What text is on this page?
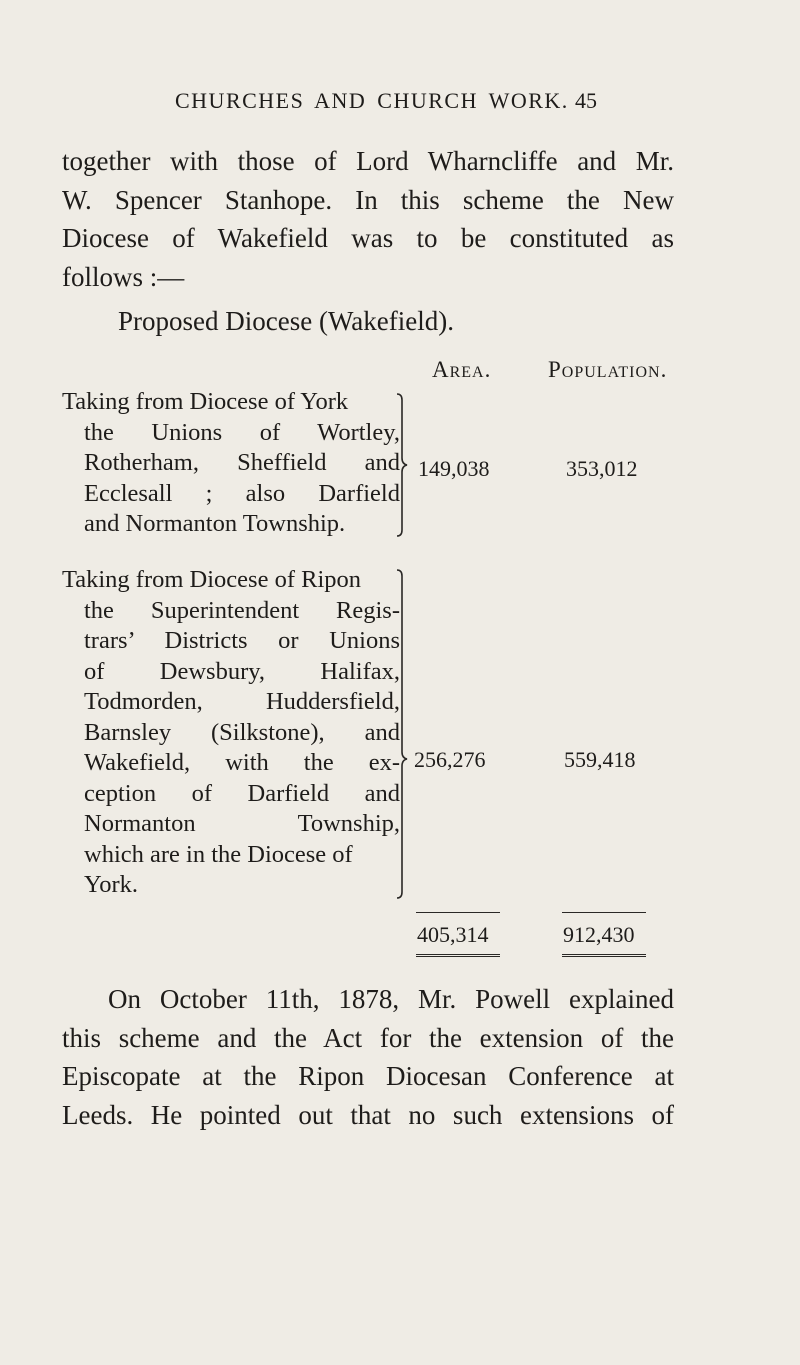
CHURCHES AND CHURCH WORK. 45
together with those of Lord Wharncliffe and Mr.
W. Spencer Stanhope. In this scheme the New
Diocese of Wakefield was to be constituted as
follows :—
Proposed Diocese (Wakefield).
Area. Population.
Taking from Diocese of York
the Unions of Wortley,
Rotherham, Sheffield and
Ecclesall ; also Darfield
and Normanton Township.
149,038	353,012
Taking from Diocese of Ripon
the Superintendent Regis-
trars’ Districts or Unions
of Dewsbury, Halifax,
Todmorden, Huddersfield,
Barnsley (Silkstone), and
Wakefield, with the ex-
ception of Darfield and
Normanton Township,
which are in the Diocese of
York.
256,276	559,418
405,314	912,430
On October 11th, 1878, Mr. Powell explained
this scheme and the Act for the extension of the
Episcopate at the Ripon Diocesan Conference at
Leeds. He pointed out that no such extensions of
